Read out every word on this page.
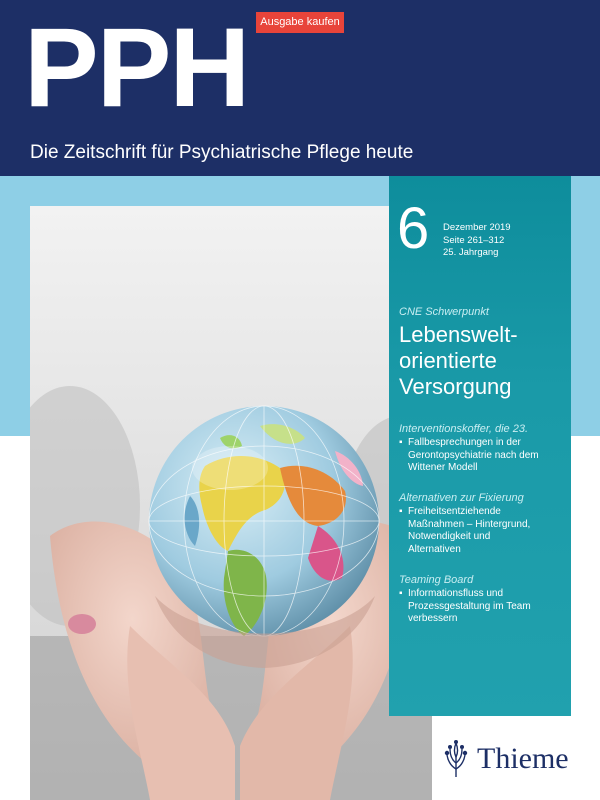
PPH	Ausgabe kaufen
Die Zeitschrift für Psychiatrische Pflege heute
6 Dezember 2019
Seite 261–312
25. Jahrgang
CNE Schwerpunkt
Lebenswelt-
orientierte
Versorgung
Interventionskoffer, die 23.
▪ Fallbesprechungen in der
Gerontopsychiatrie nach dem
Wittener Modell
Alternativen zur Fixierung
▪ Freiheitsentziehende
Maßnahmen – Hintergrund,
Notwendigkeit und
Alternativen
Teaming Board
▪ Informationsfluss und
Prozessgestaltung im Team
verbessern
Thieme
